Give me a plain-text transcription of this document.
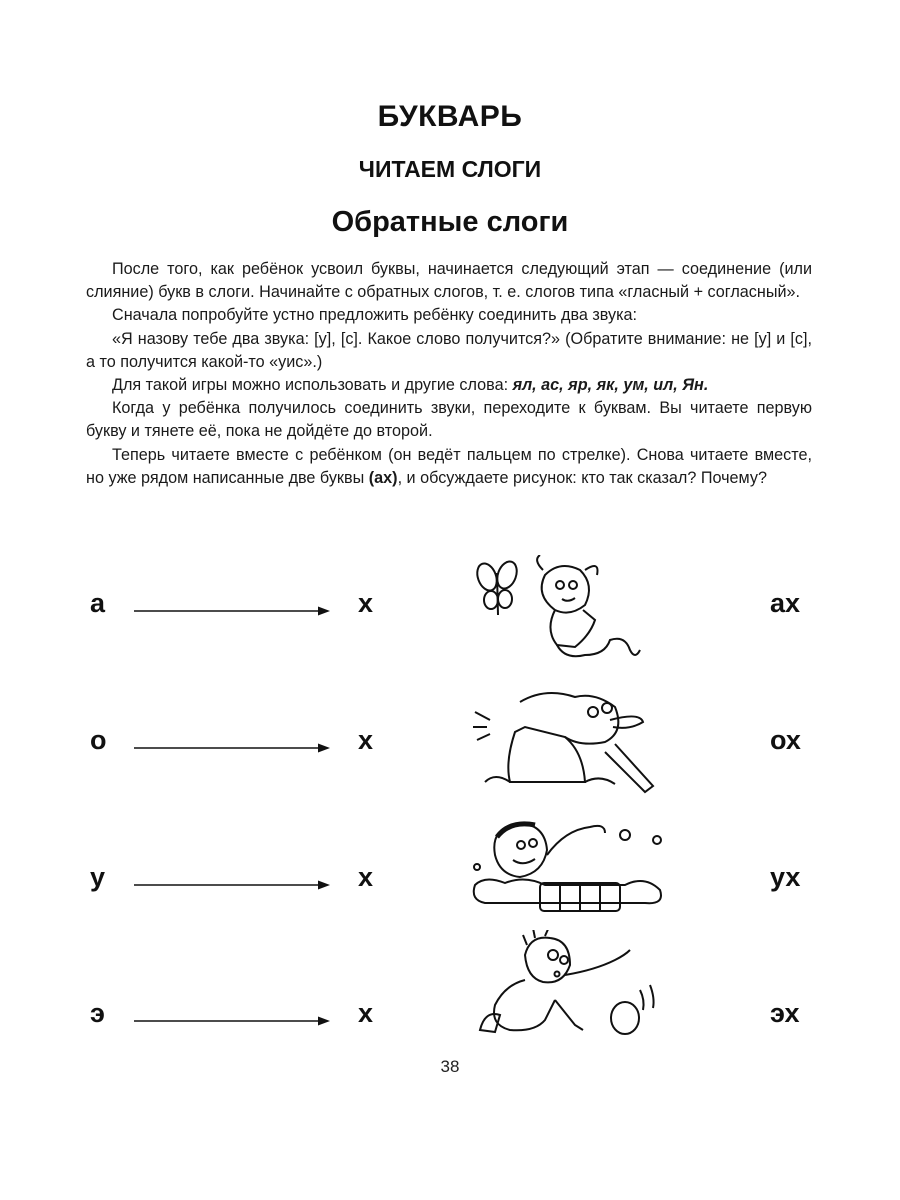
БУКВАРЬ
ЧИТАЕМ СЛОГИ
Обратные слоги

После того, как ребёнок усвоил буквы, начинается следующий этап — соединение (или слияние) букв в слоги. Начинайте с обратных слогов, т. е. слогов типа «гласный + согласный».

Сначала попробуйте устно предложить ребёнку соединить два звука:

«Я назову тебе два звука: [у], [с]. Какое слово получится?» (Обратите внимание: не [у] и [с], а то получится какой-то «уис».)

Для такой игры можно использовать и другие слова: ял, ас, яр, як, ум, ил, Ян.

Когда у ребёнка получилось соединить звуки, переходите к буквам. Вы читаете первую букву и тянете её, пока не дойдёте до второй.

Теперь читаете вместе с ребёнком (он ведёт пальцем по стрелке). Снова читаете вместе, но уже рядом написанные две буквы (ах), и обсуждаете рисунок: кто так сказал? Почему?

а	х	ах
о	х	ох
у	х	ух
э	х	эх
38
